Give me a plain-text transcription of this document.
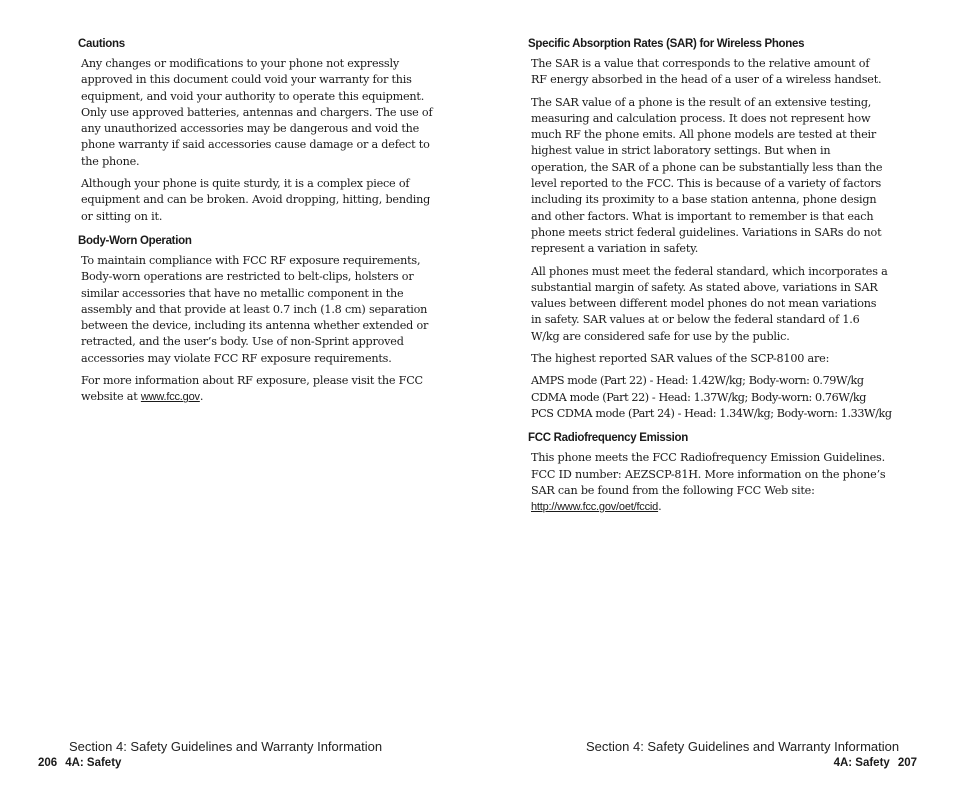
Cautions

Any changes or modifications to your phone not expressly approved in this document could void your warranty for this equipment, and void your authority to operate this equipment. Only use approved batteries, antennas and chargers. The use of any unauthorized accessories may be dangerous and void the phone warranty if said accessories cause damage or a defect to the phone.

Although your phone is quite sturdy, it is a complex piece of equipment and can be broken. Avoid dropping, hitting, bending or sitting on it.

Body-Worn Operation

To maintain compliance with FCC RF exposure requirements, Body-worn operations are restricted to belt-clips, holsters or similar accessories that have no metallic component in the assembly and that provide at least 0.7 inch (1.8 cm) separation between the device, including its antenna whether extended or retracted, and the user’s body. Use of non-Sprint approved accessories may violate FCC RF exposure requirements.

For more information about RF exposure, please visit the FCC website at www.fcc.gov.

Section 4: Safety Guidelines and Warranty Information
206 4A: Safety
Specific Absorption Rates (SAR) for Wireless Phones

The SAR is a value that corresponds to the relative amount of RF energy absorbed in the head of a user of a wireless handset.

The SAR value of a phone is the result of an extensive testing, measuring and calculation process. It does not represent how much RF the phone emits. All phone models are tested at their highest value in strict laboratory settings. But when in operation, the SAR of a phone can be substantially less than the level reported to the FCC. This is because of a variety of factors including its proximity to a base station antenna, phone design and other factors. What is important to remember is that each phone meets strict federal guidelines. Variations in SARs do not represent a variation in safety.

All phones must meet the federal standard, which incorporates a substantial margin of safety. As stated above, variations in SAR values between different model phones do not mean variations in safety. SAR values at or below the federal standard of 1.6 W/kg are considered safe for use by the public.

The highest reported SAR values of the SCP-8100 are:

AMPS mode (Part 22) - Head: 1.42W/kg; Body-worn: 0.79W/kg
CDMA mode (Part 22) - Head: 1.37W/kg; Body-worn: 0.76W/kg
PCS CDMA mode (Part 24) - Head: 1.34W/kg; Body-worn: 1.33W/kg
FCC Radiofrequency Emission

This phone meets the FCC Radiofrequency Emission Guidelines. FCC ID number: AEZSCP-81H. More information on the phone’s SAR can be found from the following FCC Web site:
http://www.fcc.gov/oet/fccid.

Section 4: Safety Guidelines and Warranty Information
4A: Safety 207
